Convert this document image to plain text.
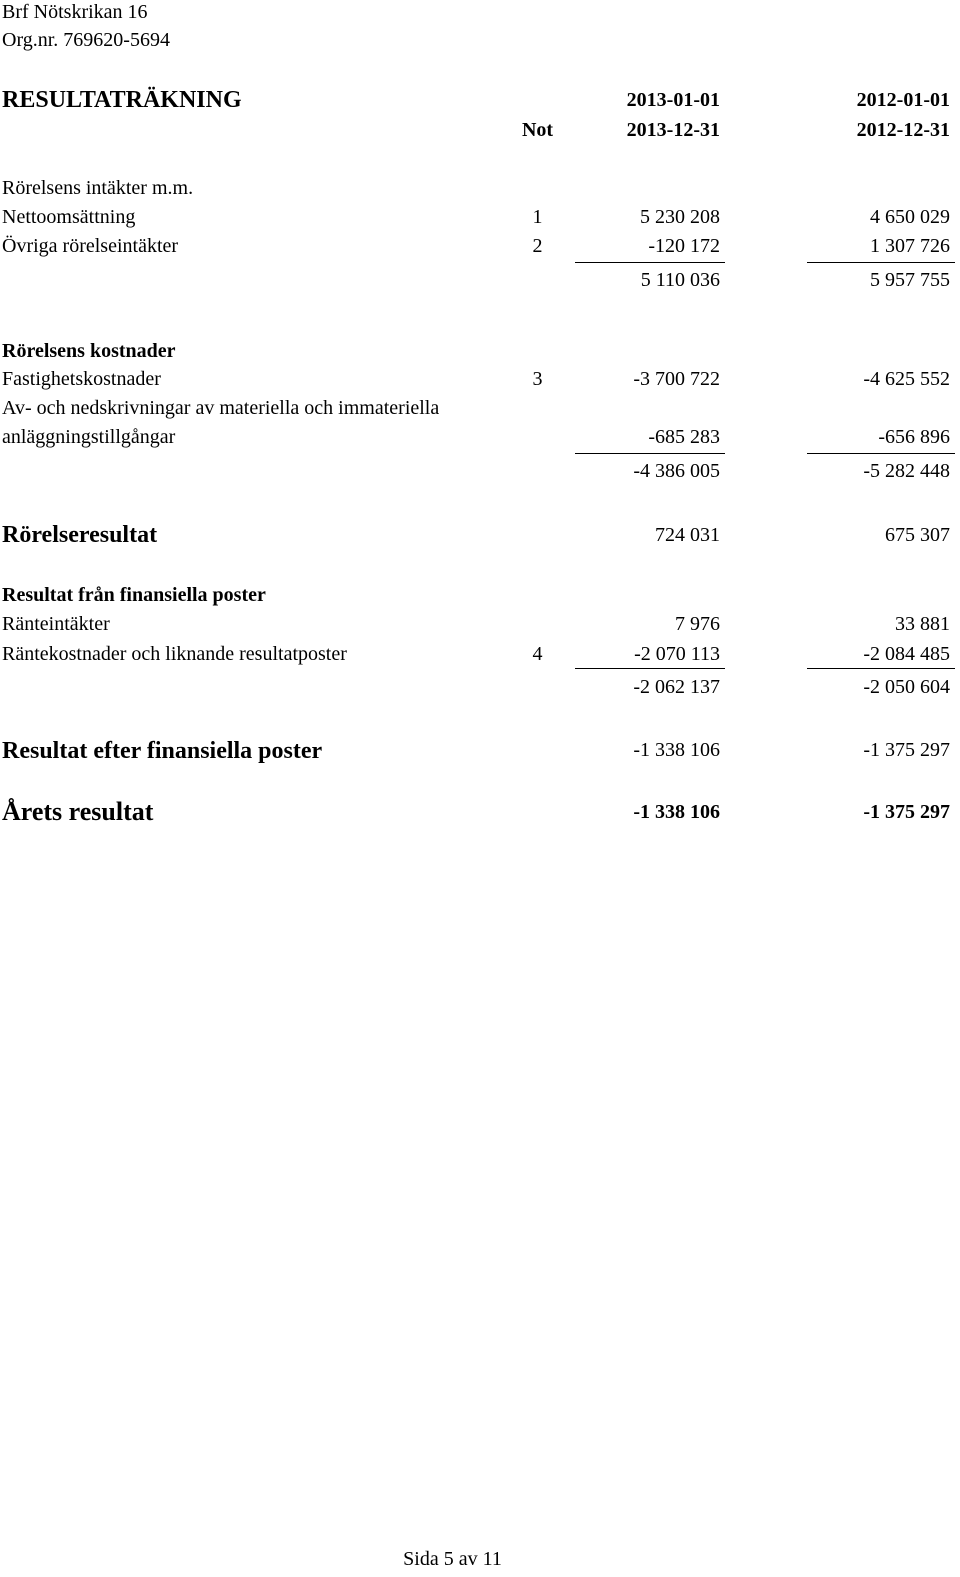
Brf Nötskrikan 16
Org.nr. 769620-5694
RESULTATRÄKNING	2013-01-01	2012-01-01
Not	2013-12-31	2012-12-31
Rörelsens intäkter m.m.
Nettoomsättning	1	5 230 208	4 650 029
Övriga rörelseintäkter	2	-120 172	1 307 726
5 110 036	5 957 755
Rörelsens kostnader
Fastighetskostnader	3	-3 700 722	-4 625 552
Av- och nedskrivningar av materiella och immateriella
anläggningstillgångar	-685 283	-656 896
-4 386 005	-5 282 448
Rörelseresultat	724 031	675 307
Resultat från finansiella poster
Ränteintäkter	7 976	33 881
Räntekostnader och liknande resultatposter	4	-2 070 113	-2 084 485
-2 062 137	-2 050 604
Resultat efter finansiella poster	-1 338 106	-1 375 297
Årets resultat	-1 338 106	-1 375 297
Sida 5 av 11
